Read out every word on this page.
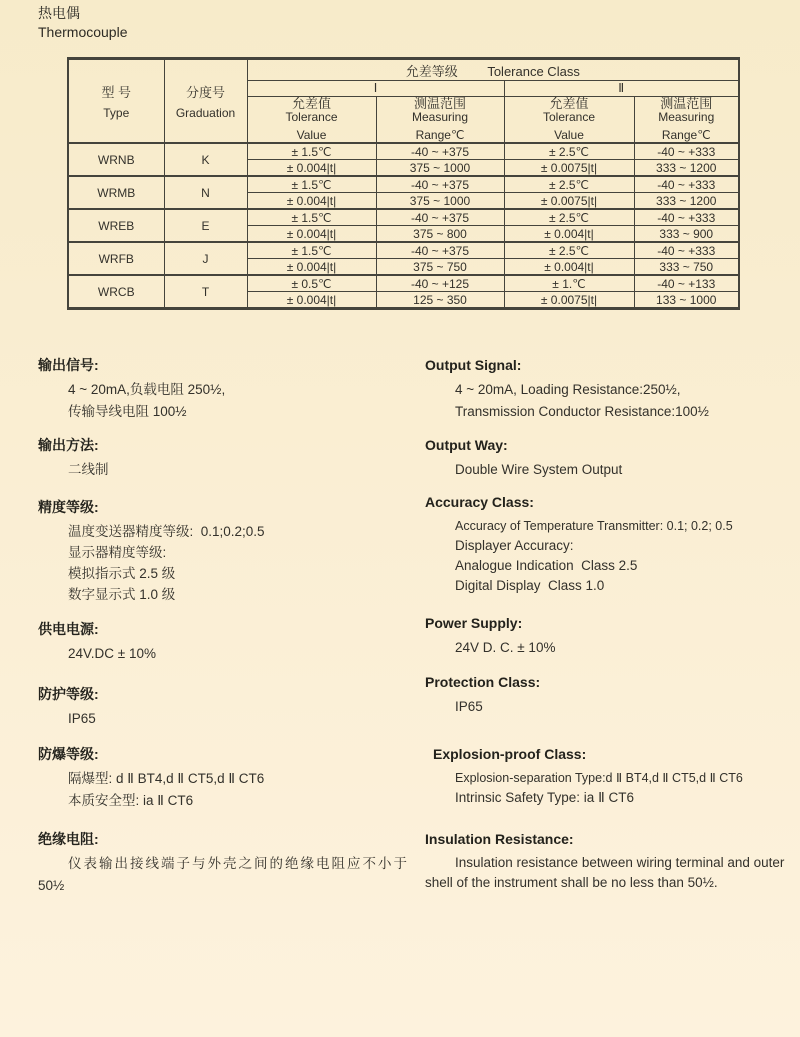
热电偶
Thermocouple
型 号
Type

分度号
Graduation
	允差等级 Tolerance Class
		Ⅰ		Ⅱ	

允差值
Tolerance
Value

测温范围
Measuring
Range℃

允差值
Tolerance
Value

测温范围
Measuring
Range℃

WRNB	K	± 1.5℃	-40 ~ +375	± 2.5℃	-40 ~ +333
		± 0.004|t|	375 ~ 1000	± 0.0075|t|	333 ~ 1200
WRMB	N	± 1.5℃	-40 ~ +375	± 2.5℃	-40 ~ +333
		± 0.004|t|	375 ~ 1000	± 0.0075|t|	333 ~ 1200
WREB	E	± 1.5℃	-40 ~ +375	± 2.5℃	-40 ~ +333
		± 0.004|t|	375 ~ 800	± 0.004|t|	333 ~ 900
WRFB	J	± 1.5℃	-40 ~ +375	± 2.5℃	-40 ~ +333
		± 0.004|t|	375 ~ 750	± 0.004|t|	333 ~ 750
WRCB	T	± 0.5℃	-40 ~ +125	± 1.℃	-40 ~ +133
		± 0.004|t|	125 ~ 350	± 0.0075|t|	133 ~ 1000
输出信号:
4 ~ 20mA,负载电阻 250½,
传输导线电阻 100½
输出方法:
二线制
精度等级:
温度变送器精度等级:  0.1;0.2;0.5
显示器精度等级:
模拟指示式 2.5 级
数字显示式 1.0 级
供电电源:
24V.DC ± 10%
防护等级:
IP65
防爆等级:
隔爆型: d Ⅱ BT4,d Ⅱ CT5,d Ⅱ CT6
本质安全型: ia Ⅱ CT6
绝缘电阻:
仪表输出接线端子与外壳之间的绝缘电阻应不小于
50½
Output Signal:
4 ~ 20mA, Loading Resistance:250½,
Transmission Conductor Resistance:100½
Output Way:
Double Wire System Output
Accuracy Class:
Accuracy of Temperature Transmitter: 0.1; 0.2; 0.5
Displayer Accuracy:
Analogue Indication  Class 2.5
Digital Display  Class 1.0
Power Supply:
24V D. C. ± 10%
Protection Class:
IP65
Explosion-proof Class:
Explosion-separation Type:d Ⅱ BT4,d Ⅱ CT5,d Ⅱ CT6
Intrinsic Safety Type: ia Ⅱ CT6
Insulation Resistance:
Insulation resistance between wiring terminal and outer
shell of the instrument shall be no less than 50½.
